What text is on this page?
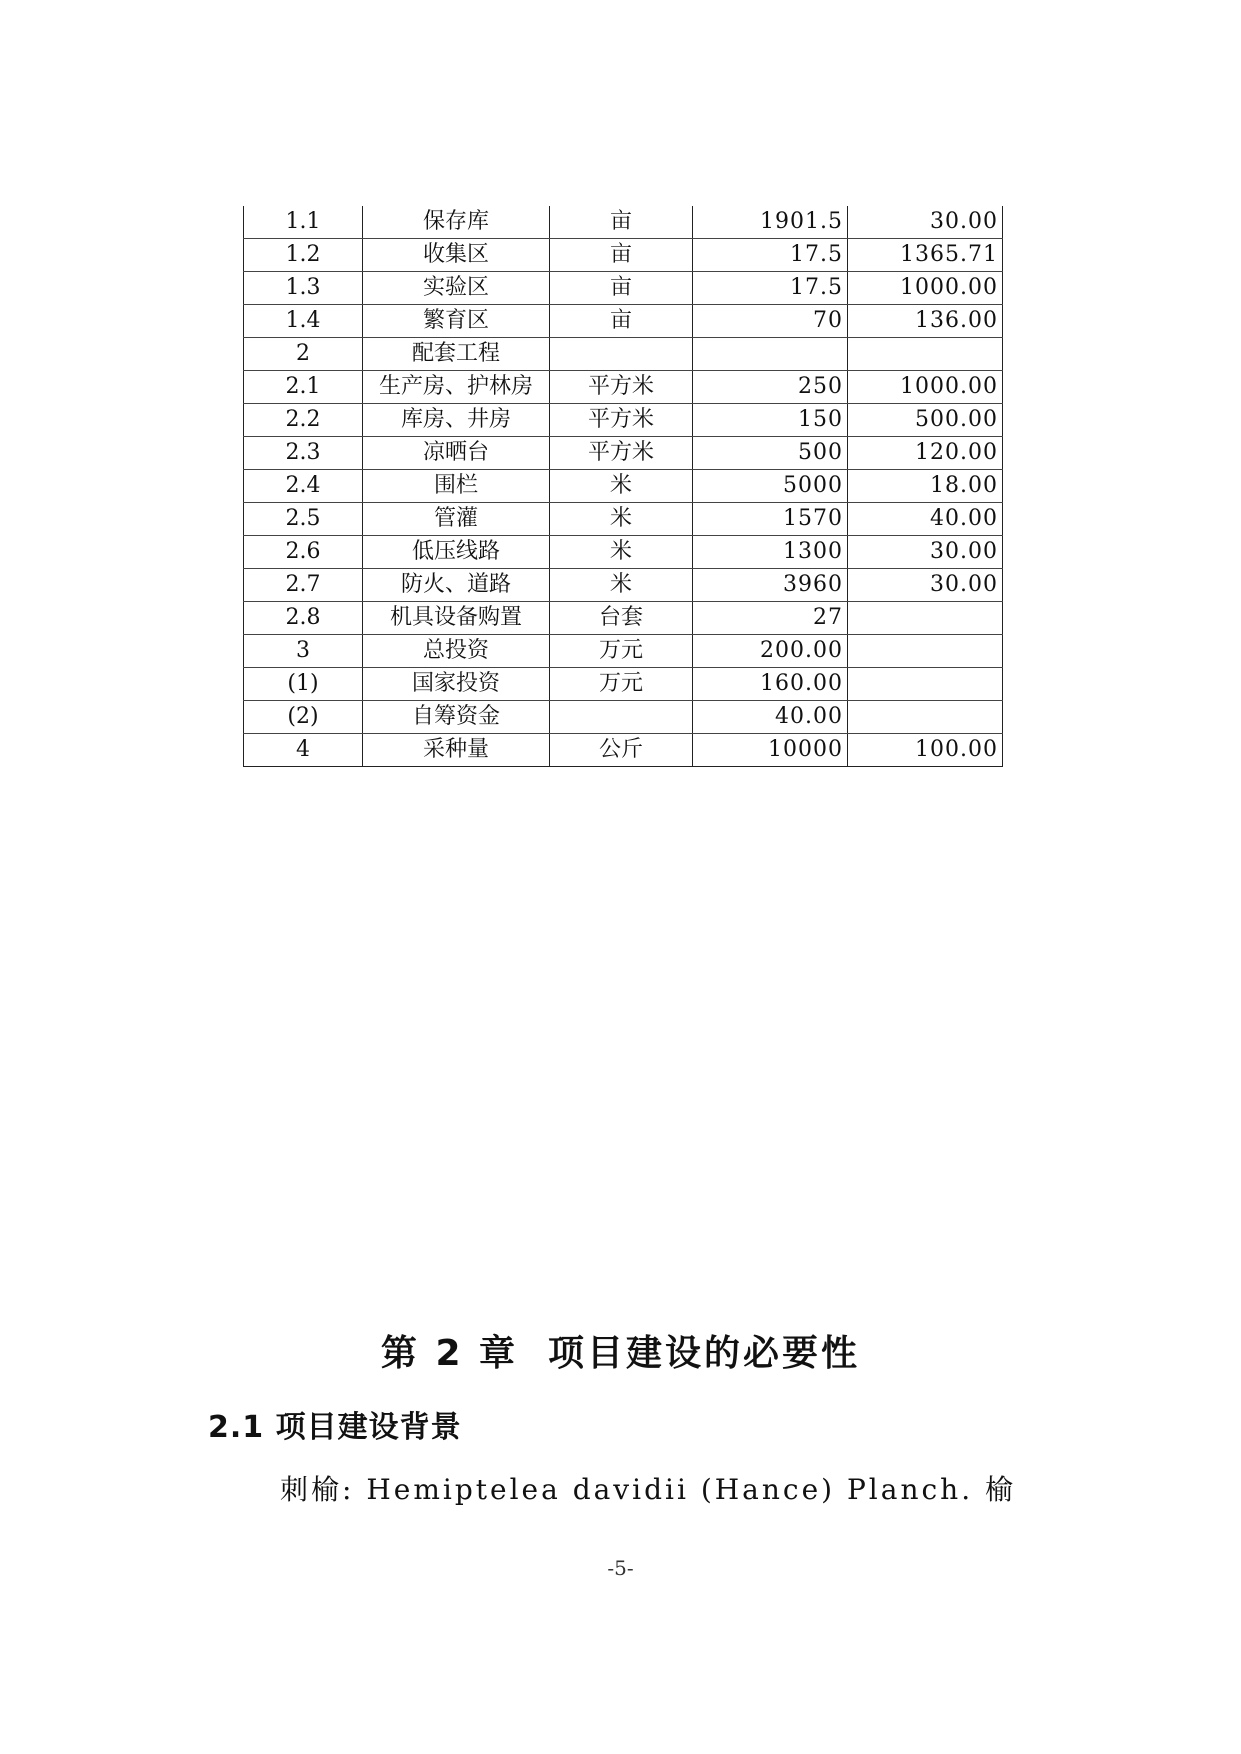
1.1	保存库	亩	1901.5	30.00
1.2	收集区	亩	17.5	1365.71
1.3	实验区	亩	17.5	1000.00
1.4	繁育区	亩	70	136.00
2	配套工程			
2.1	生产房、护林房	平方米	250	1000.00
2.2	库房、井房	平方米	150	500.00
2.3	凉晒台	平方米	500	120.00
2.4	围栏	米	5000	18.00
2.5	管灌	米	1570	40.00
2.6	低压线路	米	1300	30.00
2.7	防火、道路	米	3960	30.00
2.8	机具设备购置	台套	27	
3	总投资	万元	200.00	
(1)	国家投资	万元	160.00	
(2)	自筹资金		40.00	
4	采种量	公斤	10000	100.00
第 2 章 项目建设的必要性
2.1 项目建设背景
刺榆: Hemiptelea davidii (Hance) Planch. 榆
-5-
